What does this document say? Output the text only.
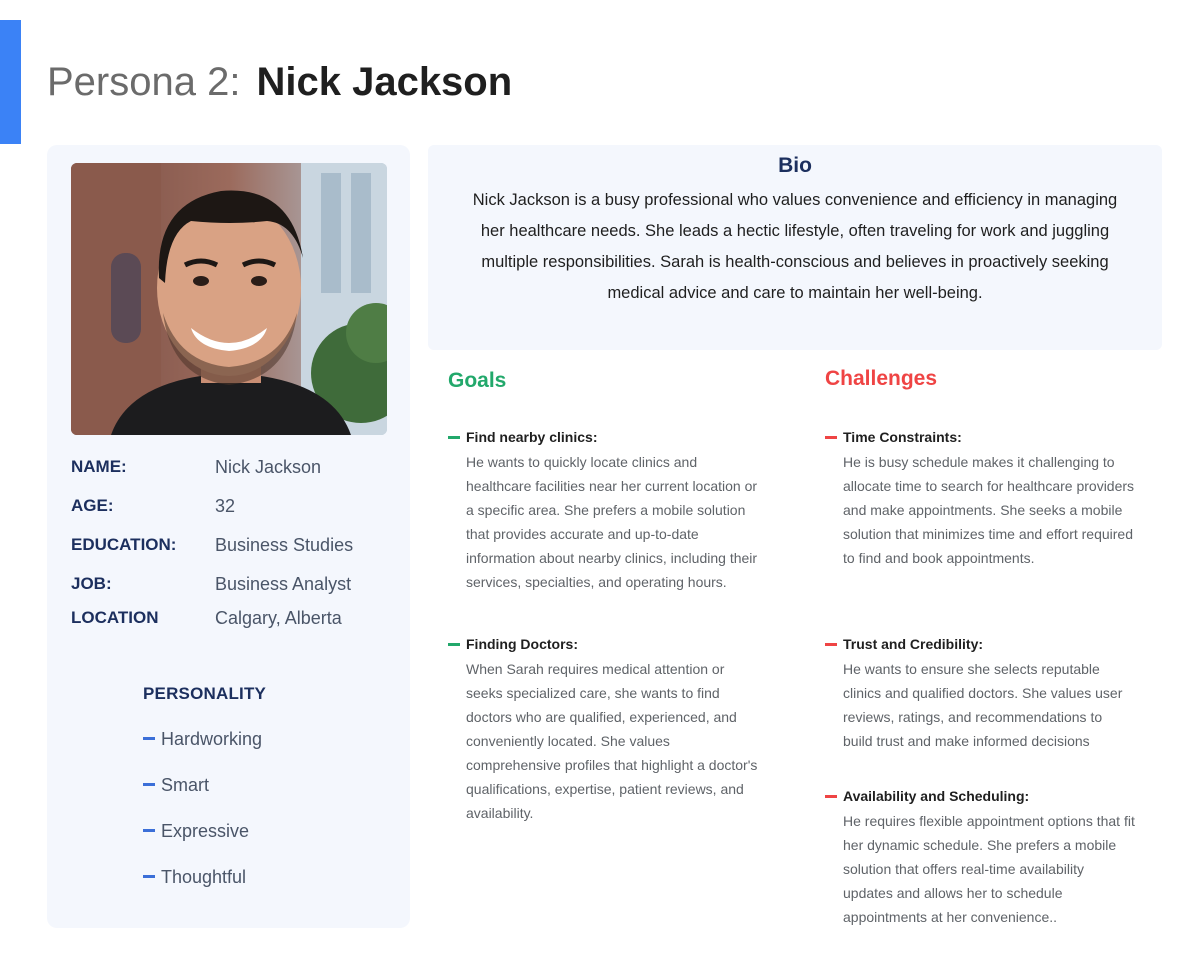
Persona 2: Nick Jackson
NAME:	Nick Jackson
AGE:	32
EDUCATION: Business Studies
JOB:	Business Analyst
LOCATION	Calgary, Alberta
PERSONALITY
Hardworking
Smart
Expressive
Thoughtful
Bio
Nick Jackson is a busy professional who values convenience and efficiency in managing her healthcare needs. She leads a hectic lifestyle, often traveling for work and juggling multiple responsibilities. Sarah is health-conscious and believes in proactively seeking medical advice and care to maintain her well-being.
Goals	Challenges
Find nearby clinics:
He wants to quickly locate clinics and healthcare facilities near her current location or a specific area. She prefers a mobile solution that provides accurate and up-to-date information about nearby clinics, including their services, specialties, and operating hours.
Finding Doctors:
When Sarah requires medical attention or seeks specialized care, she wants to find doctors who are qualified, experienced, and conveniently located. She values comprehensive profiles that highlight a doctor's qualifications, expertise, patient reviews, and availability.
Time Constraints:
He is busy schedule makes it challenging to allocate time to search for healthcare providers and make appointments. She seeks a mobile solution that minimizes time and effort required to find and book appointments.
Trust and Credibility:
He wants to ensure she selects reputable clinics and qualified doctors. She values user reviews, ratings, and recommendations to build trust and make informed decisions
Availability and Scheduling:
He requires flexible appointment options that fit her dynamic schedule. She prefers a mobile solution that offers real-time availability updates and allows her to schedule appointments at her convenience..
